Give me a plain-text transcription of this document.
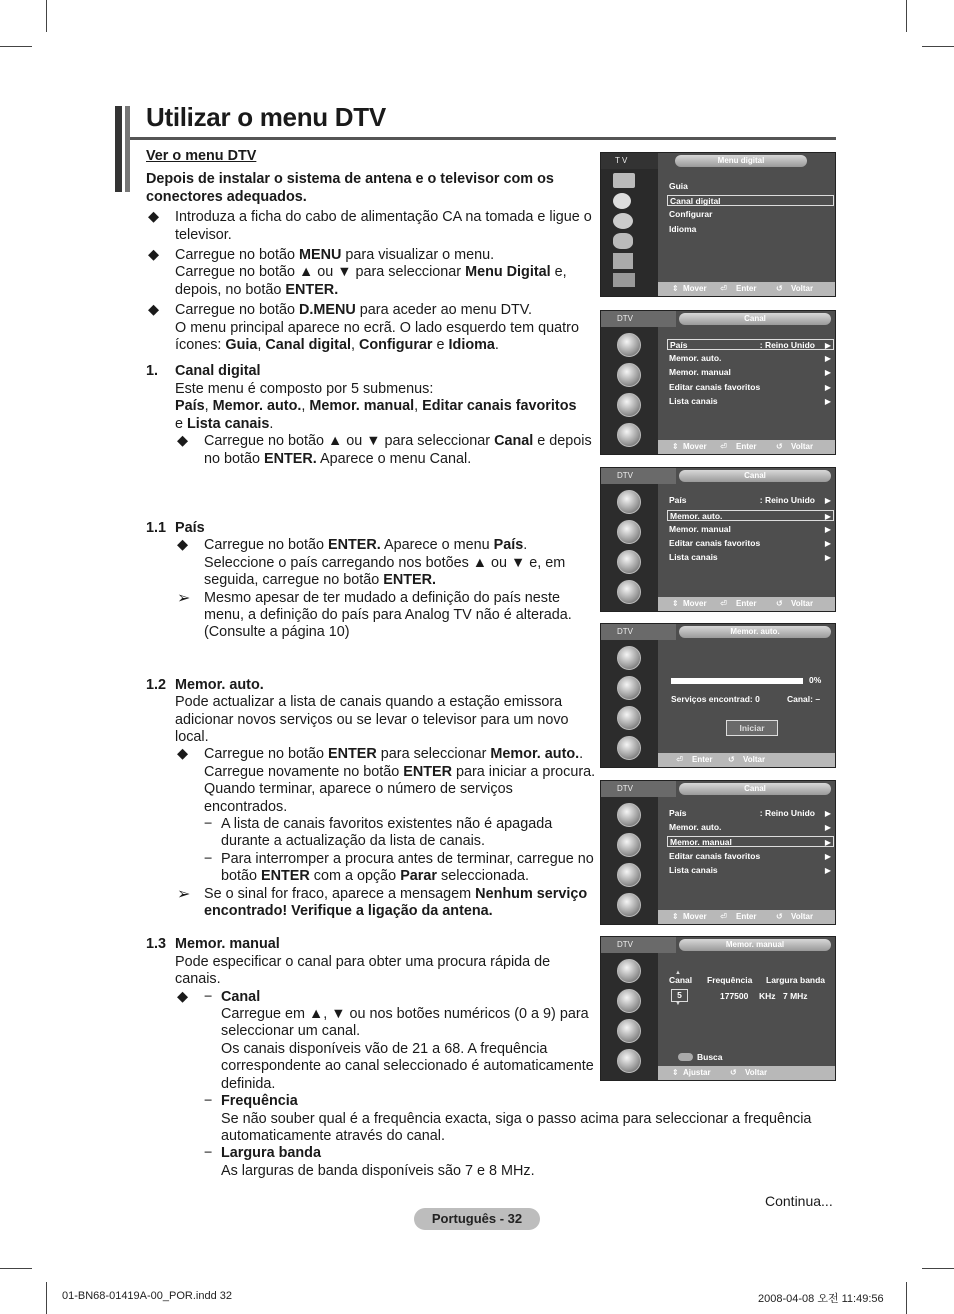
Utilizar o menu DTV

Ver o menu DTV

Depois de instalar o sistema de antena e o televisor com os conectores adequados.

◆ Introduza a ficha do cabo de alimentação CA na tomada e ligue o televisor.
◆ Carregue no botão MENU para visualizar o menu.
Carregue no botão ▲ ou ▼ para seleccionar Menu Digital e, depois, no botão ENTER.
◆ Carregue no botão D.MENU para aceder ao menu DTV.
O menu principal aparece no ecrã. O lado esquerdo tem quatro ícones: Guia, Canal digital, Configurar e Idioma.
1. Canal digital
Este menu é composto por 5 submenus:
País, Memor. auto., Memor. manual, Editar canais favoritos
e Lista canais.
◆ Carregue no botão ▲ ou ▼ para seleccionar Canal e depois no botão ENTER. Aparece o menu Canal.
1.1 País
◆ Carregue no botão ENTER. Aparece o menu País.
Seleccione o país carregando nos botões ▲ ou ▼ e, em seguida, carregue no botão ENTER.
➢ Mesmo apesar de ter mudado a definição do país neste menu, a definição do país para Analog TV não é alterada. (Consulte a página 10)
1.2 Memor. auto.
Pode actualizar a lista de canais quando a estação emissora adicionar novos serviços ou se levar o televisor para um novo local.
◆ Carregue no botão ENTER para seleccionar Memor. auto.. Carregue novamente no botão ENTER para iniciar a procura. Quando terminar, aparece o número de serviços encontrados.
− A lista de canais favoritos existentes não é apagada durante a actualização da lista de canais.
− Para interromper a procura antes de terminar, carregue no botão ENTER com a opção Parar seleccionada.
➢ Se o sinal for fraco, aparece a mensagem Nenhum serviço encontrado! Verifique a ligação da antena.
1.3 Memor. manual
Pode especificar o canal para obter uma procura rápida de canais.
◆ − Canal
Carregue em ▲, ▼ ou nos botões numéricos (0 a 9) para seleccionar um canal.
Os canais disponíveis vão de 21 a 68. A frequência correspondente ao canal seleccionado é automaticamente definida.
− Frequência
Se não souber qual é a frequência exacta, siga o passo acima para seleccionar a frequência automaticamente através do canal.
− Largura banda
As larguras de banda disponíveis são 7 e 8 MHz.
T V	Menu digital
Guia
Canal digital
Configurar
Idioma
⇕ Mover ⏎ Enter ↺ Voltar
DTV	Canal
País	: Reino Unido ▶
Memor. auto.	▶
Memor. manual	▶
Editar canais favoritos	▶
Lista canais	▶
⇕ Mover ⏎ Enter ↺ Voltar
DTV	Canal
País	: Reino Unido ▶
Memor. auto.	▶
Memor. manual	▶
Editar canais favoritos	▶
Lista canais	▶
⇕ Mover ⏎ Enter ↺ Voltar
DTV	Memor. auto.
0%
Serviços encontrad: 0	Canal: –
Iniciar
⏎ Enter ↺ Voltar
DTV	Canal
País	: Reino Unido ▶
Memor. auto.	▶
Memor. manual	▶
Editar canais favoritos	▶
Lista canais	▶
⇕ Mover ⏎ Enter ↺ Voltar
DTV	Memor. manual
Canal Frequência Largura banda
▲
5
▼
177500 KHz 7 MHz
Busca
⇕ Ajustar ↺ Voltar
Continua...
Português - 32
01-BN68-01419A-00_POR.indd 32	2008-04-08 오전 11:49:56
